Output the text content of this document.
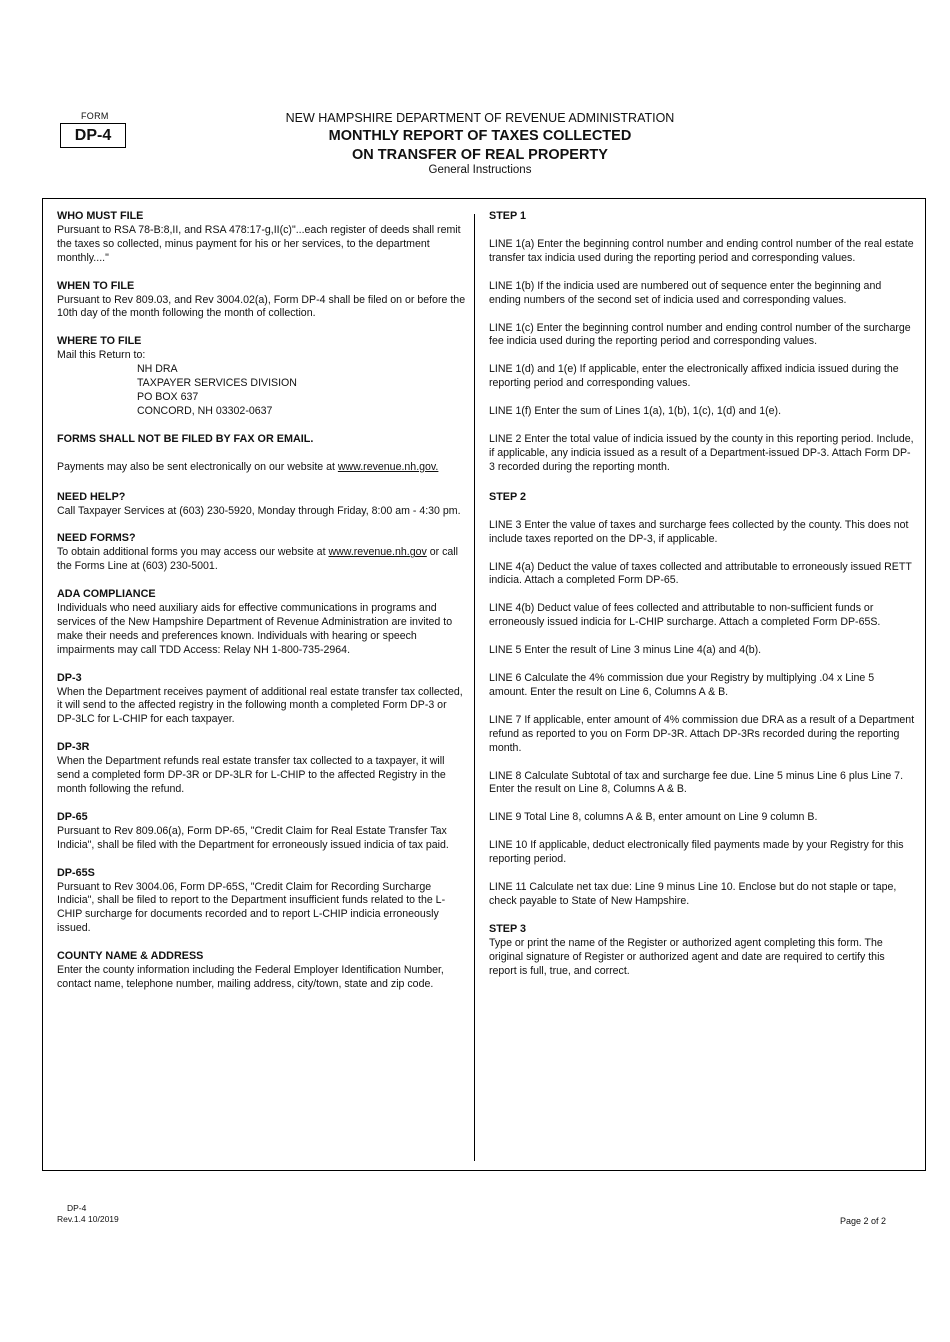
FORM
DP-4
NEW HAMPSHIRE DEPARTMENT OF REVENUE ADMINISTRATION
MONTHLY REPORT OF TAXES COLLECTED
ON TRANSFER OF REAL PROPERTY
General Instructions
WHO MUST FILE

Pursuant to RSA 78-B:8,II, and RSA 478:17-g,II(c)"...each register of deeds shall remit the taxes so collected, minus payment for his or her services, to the department monthly...."

WHEN TO FILE

Pursuant to Rev 809.03, and Rev 3004.02(a), Form DP-4 shall be filed on or before the 10th day of the month following the month of collection.

WHERE TO FILE

Mail this Return to:

NH DRA

TAXPAYER SERVICES DIVISION

PO BOX 637

CONCORD, NH 03302-0637

FORMS SHALL NOT BE FILED BY FAX OR EMAIL.

Payments may also be sent electronically on our website at www.revenue.nh.gov.

NEED HELP?

Call Taxpayer Services at (603) 230-5920, Monday through Friday, 8:00 am - 4:30 pm.

NEED FORMS?

To obtain additional forms you may access our website at www.revenue.nh.gov or call the Forms Line at (603) 230-5001.

ADA COMPLIANCE

Individuals who need auxiliary aids for effective communications in programs and services of the New Hampshire Department of Revenue Administration are invited to make their needs and preferences known. Individuals with hearing or speech impairments may call TDD Access: Relay NH 1-800-735-2964.

DP-3

When the Department receives payment of additional real estate transfer tax collected, it will send to the affected registry in the following month a completed Form DP-3 or DP-3LC for L-CHIP for each taxpayer.

DP-3R

When the Department refunds real estate transfer tax collected to a taxpayer, it will send a completed form DP-3R or DP-3LR for L-CHIP to the affected Registry in the month following the refund.

DP-65

Pursuant to Rev 809.06(a), Form DP-65, "Credit Claim for Real Estate Transfer Tax Indicia", shall be filed with the Department for erroneously issued indicia of tax paid.

DP-65S

Pursuant to Rev 3004.06, Form DP-65S, "Credit Claim for Recording Surcharge Indicia", shall be filed to report to the Department insufficient funds related to the L-CHIP surcharge for documents recorded and to report L-CHIP indicia erroneously issued.

COUNTY NAME & ADDRESS

Enter the county information including the Federal Employer Identification Number, contact name, telephone number, mailing address, city/town, state and zip code.

STEP 1

LINE 1(a) Enter the beginning control number and ending control number of the real estate transfer tax indicia used during the reporting period and corresponding values.

LINE 1(b) If the indicia used are numbered out of sequence enter the beginning and ending numbers of the second set of indicia used and corresponding values.

LINE 1(c) Enter the beginning control number and ending control number of the surcharge fee indicia used during the reporting period and corresponding values.

LINE 1(d) and 1(e) If applicable, enter the electronically affixed indicia issued during the reporting period and corresponding values.

LINE 1(f) Enter the sum of Lines 1(a), 1(b), 1(c), 1(d) and 1(e).

LINE 2 Enter the total value of indicia issued by the county in this reporting period. Include, if applicable, any indicia issued as a result of a Department-issued DP-3. Attach Form DP-3 recorded during the reporting month.

STEP 2

LINE 3 Enter the value of taxes and surcharge fees collected by the county. This does not include taxes reported on the DP-3, if applicable.

LINE 4(a) Deduct the value of taxes collected and attributable to erroneously issued RETT indicia. Attach a completed Form DP-65.

LINE 4(b) Deduct value of fees collected and attributable to non-sufficient funds or erroneously issued indicia for L-CHIP surcharge. Attach a completed Form DP-65S.

LINE 5 Enter the result of Line 3 minus Line 4(a) and 4(b).

LINE 6 Calculate the 4% commission due your Registry by multiplying .04 x Line 5 amount. Enter the result on Line 6, Columns A & B.

LINE 7 If applicable, enter amount of 4% commission due DRA as a result of a Department refund as reported to you on Form DP-3R. Attach DP-3Rs recorded during the reporting month.

LINE 8 Calculate Subtotal of tax and surcharge fee due. Line 5 minus Line 6 plus Line 7. Enter the result on Line 8, Columns A & B.

LINE 9 Total Line 8, columns A & B, enter amount on Line 9 column B.

LINE 10 If applicable, deduct electronically filed payments made by your Registry for this reporting period.

LINE 11 Calculate net tax due: Line 9 minus Line 10. Enclose but do not staple or tape, check payable to State of New Hampshire.

STEP 3

Type or print the name of the Register or authorized agent completing this form. The original signature of Register or authorized agent and date are required to certify this report is full, true, and correct.

DP-4
Rev.1.4 10/2019	Page 2 of 2
